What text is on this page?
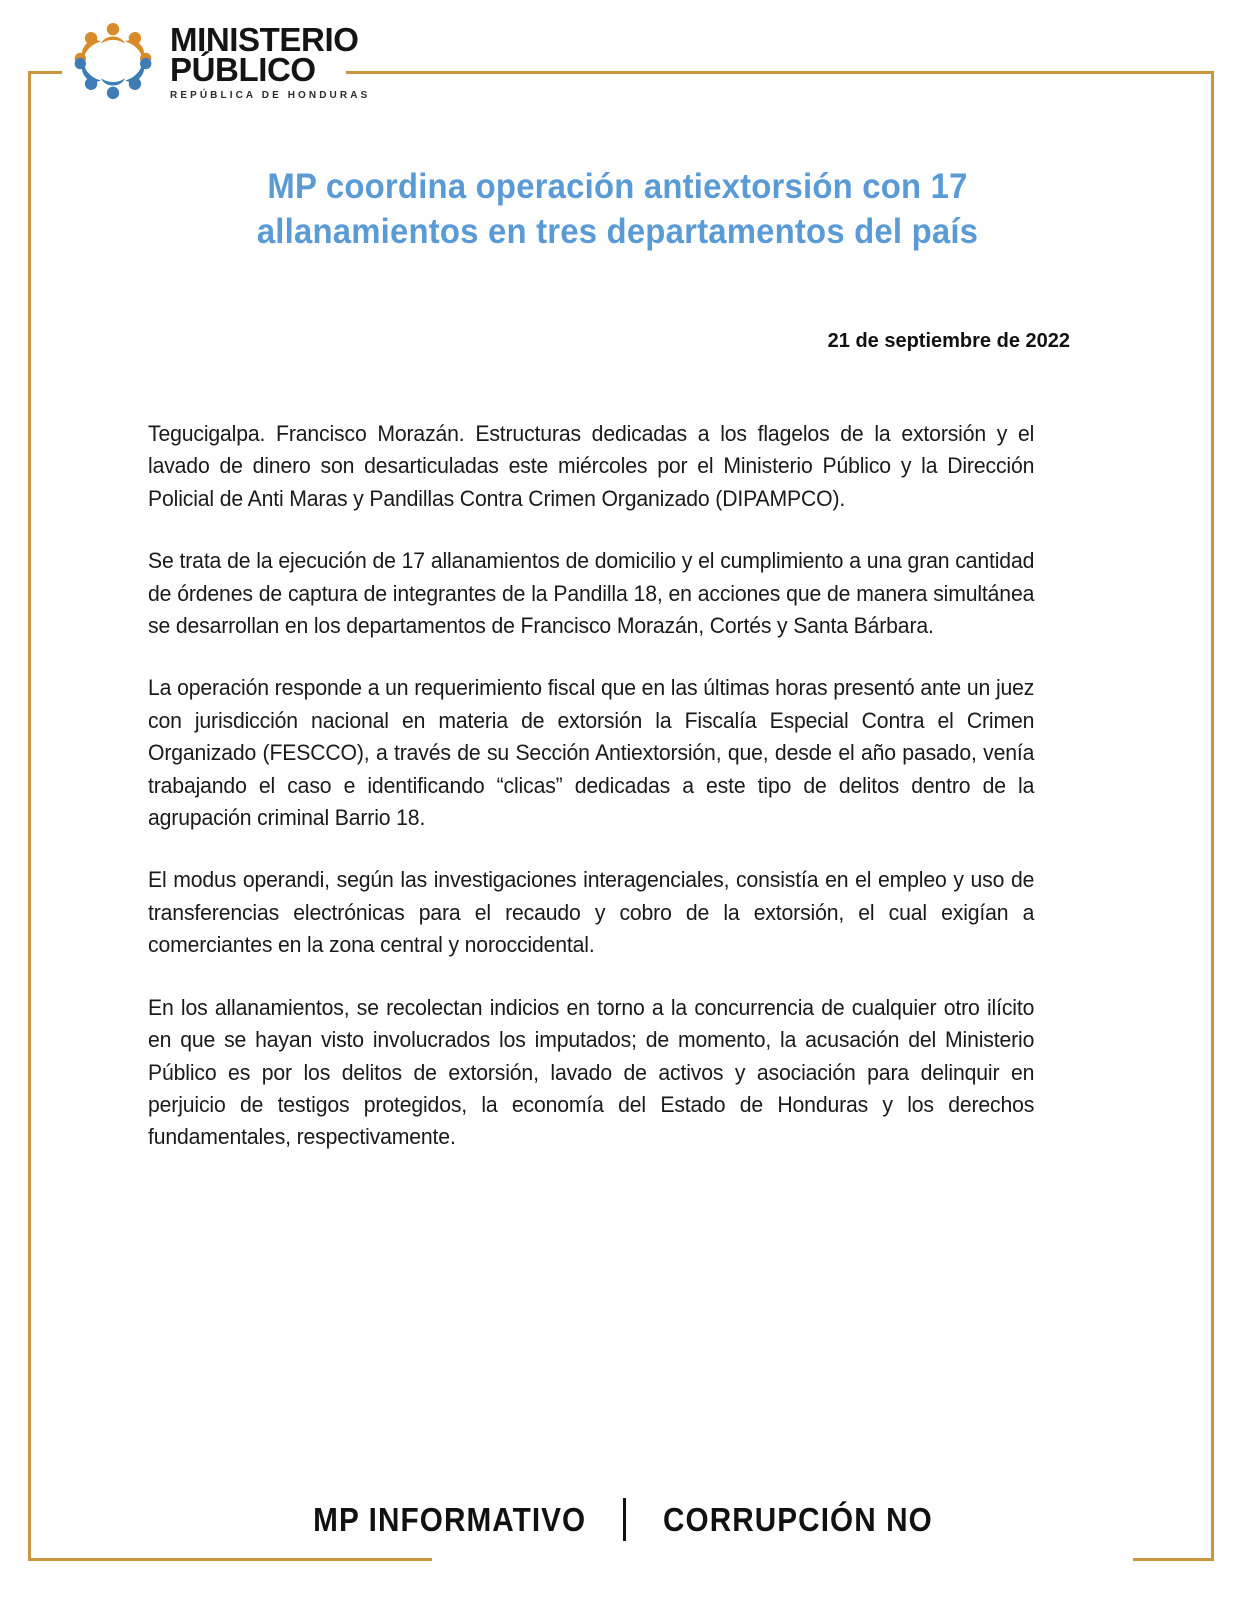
MINISTERIO
PÚBLICO
REPÚBLICA DE HONDURAS
MP coordina operación antiextorsión con 17 allanamientos en tres departamentos del país
21 de septiembre de 2022

Tegucigalpa. Francisco Morazán. Estructuras dedicadas a los flagelos de la extorsión y el lavado de dinero son desarticuladas este miércoles por el Ministerio Público y la Dirección Policial de Anti Maras y Pandillas Contra Crimen Organizado (DIPAMPCO).

Se trata de la ejecución de 17 allanamientos de domicilio y el cumplimiento a una gran cantidad de órdenes de captura de integrantes de la Pandilla 18, en acciones que de manera simultánea se desarrollan en los departamentos de Francisco Morazán, Cortés y Santa Bárbara.

La operación responde a un requerimiento fiscal que en las últimas horas presentó ante un juez con jurisdicción nacional en materia de extorsión la Fiscalía Especial Contra el Crimen Organizado (FESCCO), a través de su Sección Antiextorsión, que, desde el año pasado, venía trabajando el caso e identificando “clicas” dedicadas a este tipo de delitos dentro de la agrupación criminal Barrio 18.

El modus operandi, según las investigaciones interagenciales, consistía en el empleo y uso de transferencias electrónicas para el recaudo y cobro de la extorsión, el cual exigían a comerciantes en la zona central y noroccidental.

En los allanamientos, se recolectan indicios en torno a la concurrencia de cualquier otro ilícito en que se hayan visto involucrados los imputados; de momento, la acusación del Ministerio Público es por los delitos de extorsión, lavado de activos y asociación para delinquir en perjuicio de testigos protegidos, la economía del Estado de Honduras y los derechos fundamentales, respectivamente.

MP INFORMATIVO CORRUPCIÓN NO
